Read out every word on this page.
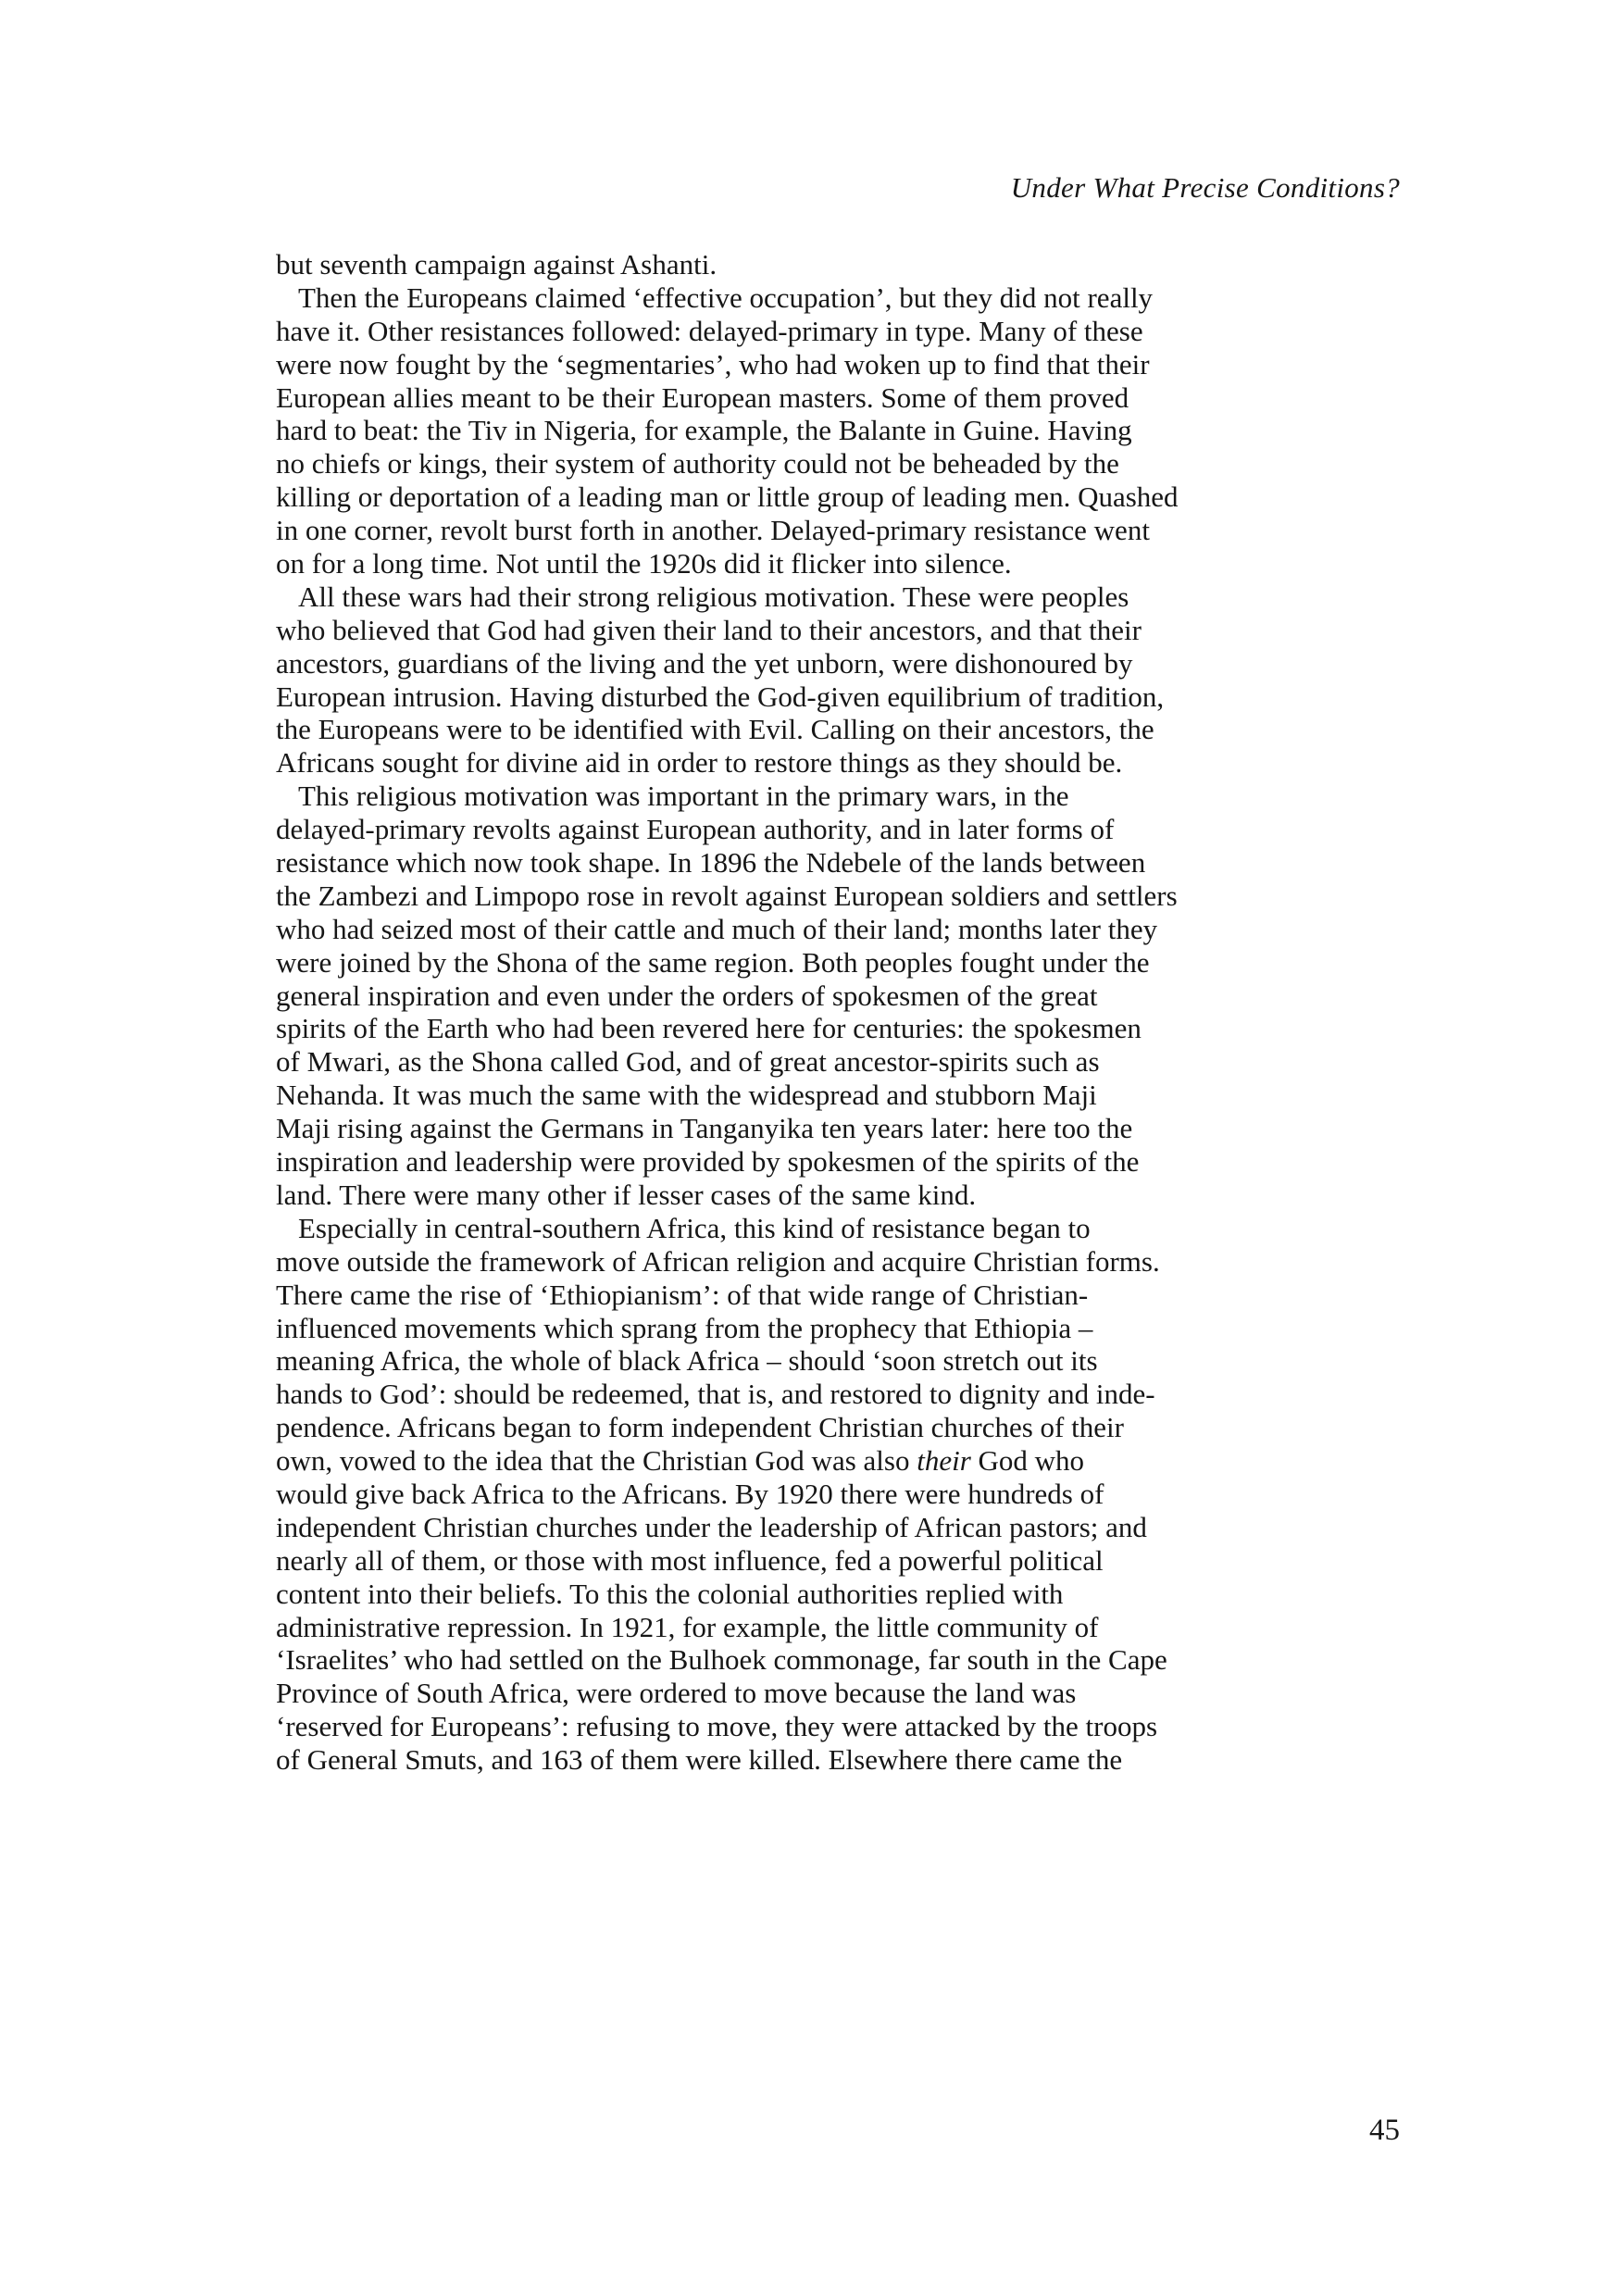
Under What Precise Conditions?

but seventh campaign against Ashanti.
Then the Europeans claimed ‘effective occupation’, but they did not really
have it. Other resistances followed: delayed-primary in type. Many of these
were now fought by the ‘segmentaries’, who had woken up to find that their
European allies meant to be their European masters. Some of them proved
hard to beat: the Tiv in Nigeria, for example, the Balante in Guine. Having
no chiefs or kings, their system of authority could not be beheaded by the
killing or deportation of a leading man or little group of leading men. Quashed
in one corner, revolt burst forth in another. Delayed-primary resistance went
on for a long time. Not until the 1920s did it flicker into silence.
All these wars had their strong religious motivation. These were peoples
who believed that God had given their land to their ancestors, and that their
ancestors, guardians of the living and the yet unborn, were dishonoured by
European intrusion. Having disturbed the God-given equilibrium of tradition,
the Europeans were to be identified with Evil. Calling on their ancestors, the
Africans sought for divine aid in order to restore things as they should be.
This religious motivation was important in the primary wars, in the
delayed-primary revolts against European authority, and in later forms of
resistance which now took shape. In 1896 the Ndebele of the lands between
the Zambezi and Limpopo rose in revolt against European soldiers and settlers
who had seized most of their cattle and much of their land; months later they
were joined by the Shona of the same region. Both peoples fought under the
general inspiration and even under the orders of spokesmen of the great
spirits of the Earth who had been revered here for centuries: the spokesmen
of Mwari, as the Shona called God, and of great ancestor-spirits such as
Nehanda. It was much the same with the widespread and stubborn Maji
Maji rising against the Germans in Tanganyika ten years later: here too the
inspiration and leadership were provided by spokesmen of the spirits of the
land. There were many other if lesser cases of the same kind.
Especially in central-southern Africa, this kind of resistance began to
move outside the framework of African religion and acquire Christian forms.
There came the rise of ‘Ethiopianism’: of that wide range of Christian-
influenced movements which sprang from the prophecy that Ethiopia –
meaning Africa, the whole of black Africa – should ‘soon stretch out its
hands to God’: should be redeemed, that is, and restored to dignity and inde-
pendence. Africans began to form independent Christian churches of their
own, vowed to the idea that the Christian God was also their God who
would give back Africa to the Africans. By 1920 there were hundreds of
independent Christian churches under the leadership of African pastors; and
nearly all of them, or those with most influence, fed a powerful political
content into their beliefs. To this the colonial authorities replied with
administrative repression. In 1921, for example, the little community of
‘Israelites’ who had settled on the Bulhoek commonage, far south in the Cape
Province of South Africa, were ordered to move because the land was
‘reserved for Europeans’: refusing to move, they were attacked by the troops
of General Smuts, and 163 of them were killed. Elsewhere there came the

45
